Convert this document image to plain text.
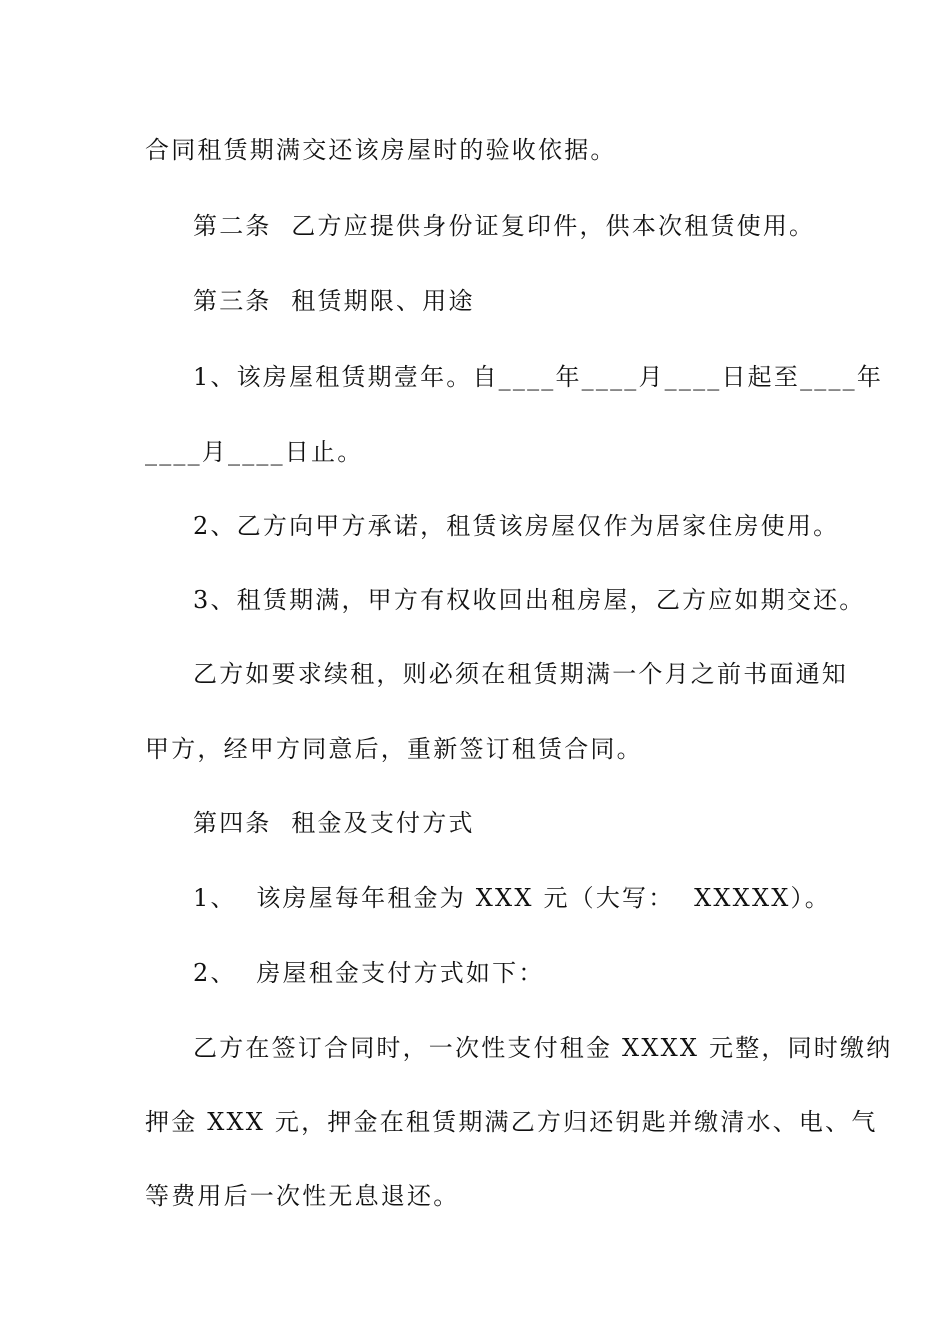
合同租赁期满交还该房屋时的验收依据。
第二条  乙方应提供身份证复印件，供本次租赁使用。
第三条  租赁期限、用途
1、该房屋租赁期壹年。自____年____月____日起至____年
____月____日止。
2、乙方向甲方承诺，租赁该房屋仅作为居家住房使用。
3、租赁期满，甲方有权收回出租房屋，乙方应如期交还。
乙方如要求续租，则必须在租赁期满一个月之前书面通知
甲方，经甲方同意后，重新签订租赁合同。
第四条  租金及支付方式
1、  该房屋每年租金为 XXX 元（大写：  XXXXX）。
2、  房屋租金支付方式如下：
乙方在签订合同时，一次性支付租金 XXXX 元整，同时缴纳
押金 XXX 元，押金在租赁期满乙方归还钥匙并缴清水、电、气
等费用后一次性无息退还。
